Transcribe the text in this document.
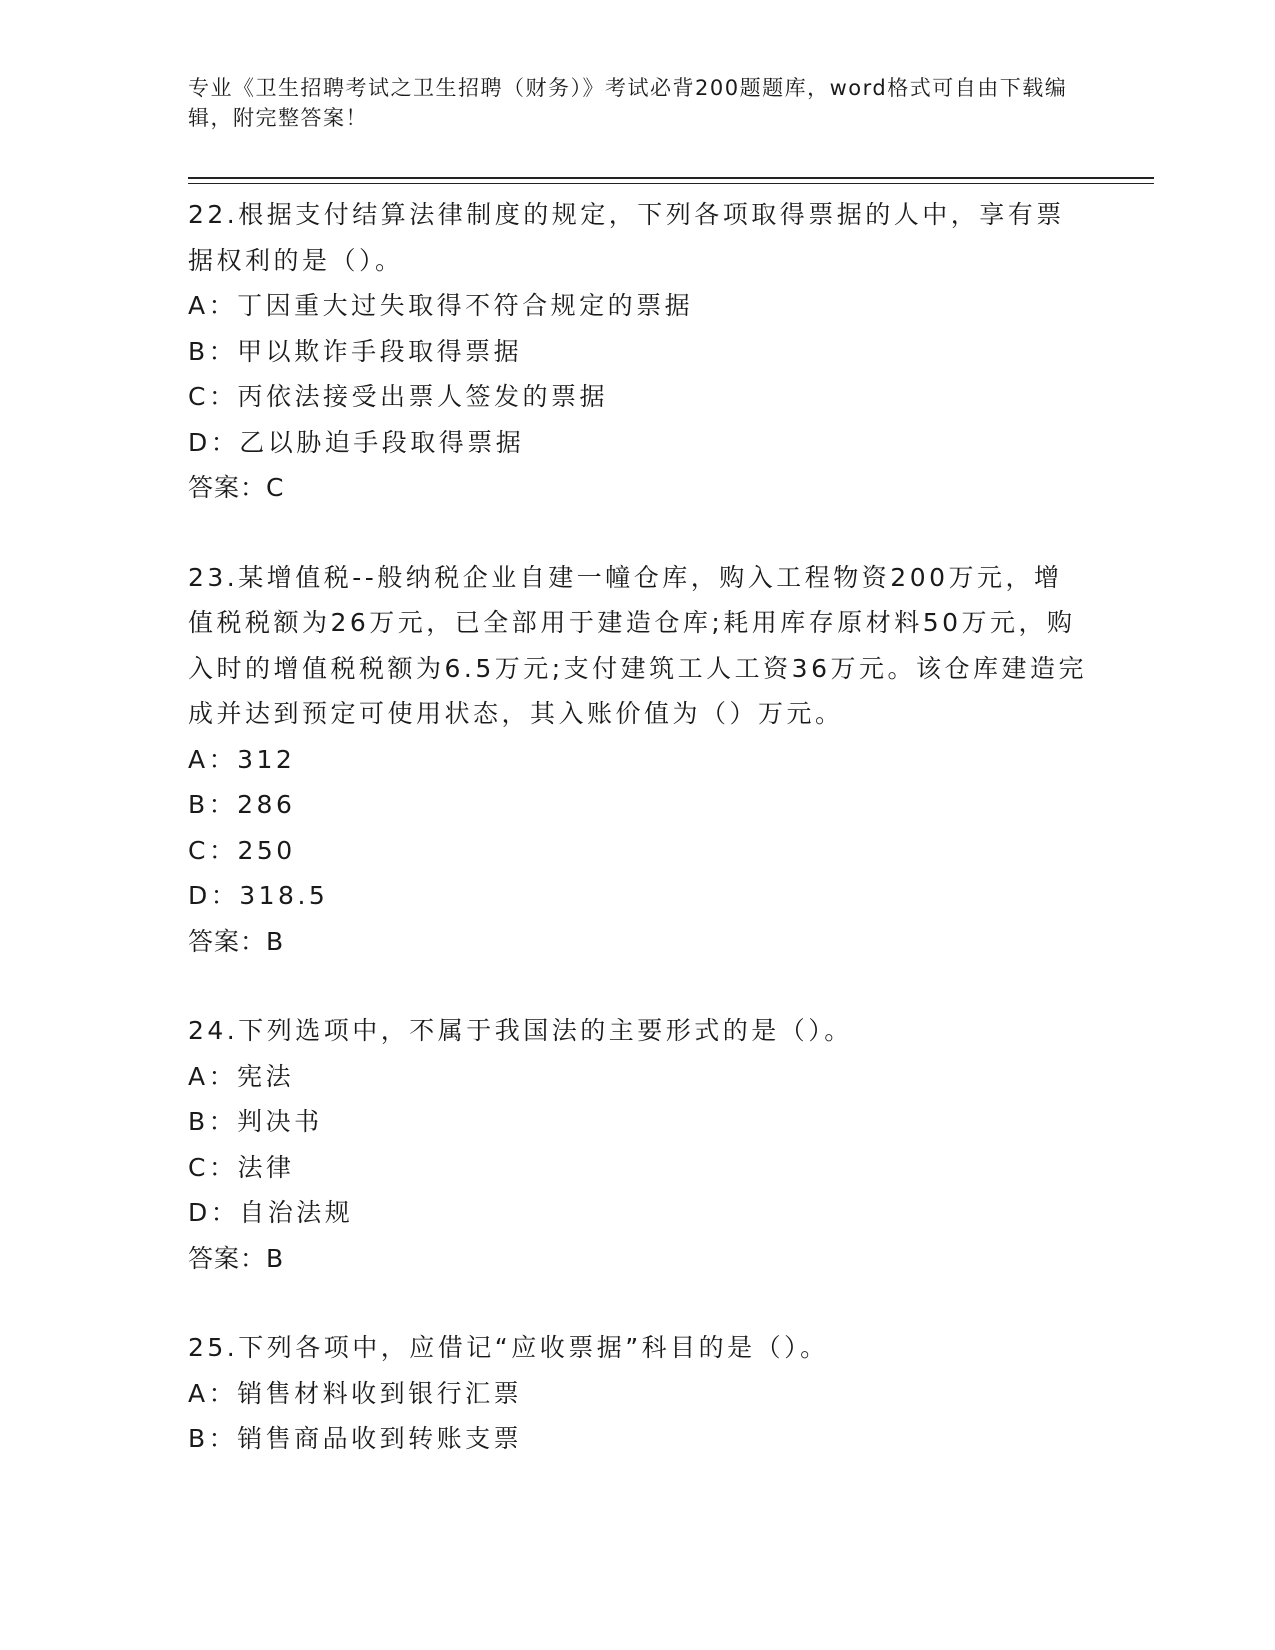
专业《卫生招聘考试之卫生招聘（财务）》考试必背200题题库，word格式可自由下载编辑，附完整答案！
22.根据支付结算法律制度的规定，下列各项取得票据的人中，享有票据权利的是（）。
A：丁因重大过失取得不符合规定的票据
B：甲以欺诈手段取得票据
C：丙依法接受出票人签发的票据
D：乙以胁迫手段取得票据
答案：C
23.某增值税--般纳税企业自建一幢仓库，购入工程物资200万元，增值税税额为26万元，已全部用于建造仓库;耗用库存原材料50万元，购入时的增值税税额为6.5万元;支付建筑工人工资36万元。该仓库建造完成并达到预定可使用状态，其入账价值为（）万元。
A：312
B：286
C：250
D：318.5
答案：B
24.下列选项中，不属于我国法的主要形式的是（）。
A：宪法
B：判决书
C：法律
D：自治法规
答案：B
25.下列各项中，应借记“应收票据”科目的是（）。
A：销售材料收到银行汇票
B：销售商品收到转账支票
